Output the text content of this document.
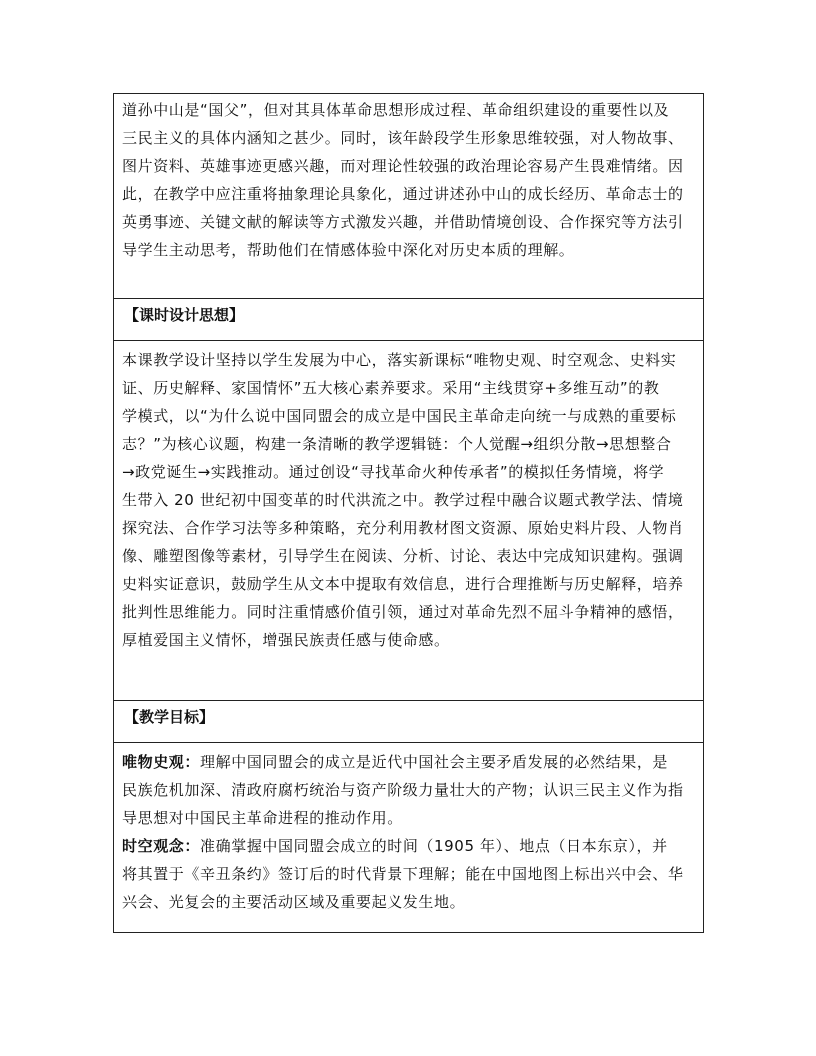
道孙中山是“国父”，但对其具体革命思想形成过程、革命组织建设的重要性以及

三民主义的具体内涵知之甚少。同时，该年龄段学生形象思维较强，对人物故事、

图片资料、英雄事迹更感兴趣，而对理论性较强的政治理论容易产生畏难情绪。因

此，在教学中应注重将抽象理论具象化，通过讲述孙中山的成长经历、革命志士的

英勇事迹、关键文献的解读等方式激发兴趣，并借助情境创设、合作探究等方法引

导学生主动思考，帮助他们在情感体验中深化对历史本质的理解。

【课时设计思想】

本课教学设计坚持以学生发展为中心，落实新课标“唯物史观、时空观念、史料实

证、历史解释、家国情怀”五大核心素养要求。采用“主线贯穿+多维互动”的教

学模式，以“为什么说中国同盟会的成立是中国民主革命走向统一与成熟的重要标

志？”为核心议题，构建一条清晰的教学逻辑链：个人觉醒→组织分散→思想整合

→政党诞生→实践推动。通过创设“寻找革命火种传承者”的模拟任务情境，将学

生带入 20 世纪初中国变革的时代洪流之中。教学过程中融合议题式教学法、情境

探究法、合作学习法等多种策略，充分利用教材图文资源、原始史料片段、人物肖

像、雕塑图像等素材，引导学生在阅读、分析、讨论、表达中完成知识建构。强调

史料实证意识，鼓励学生从文本中提取有效信息，进行合理推断与历史解释，培养

批判性思维能力。同时注重情感价值引领，通过对革命先烈不屈斗争精神的感悟，

厚植爱国主义情怀，增强民族责任感与使命感。

【教学目标】

唯物史观：理解中国同盟会的成立是近代中国社会主要矛盾发展的必然结果，是

民族危机加深、清政府腐朽统治与资产阶级力量壮大的产物；认识三民主义作为指

导思想对中国民主革命进程的推动作用。

时空观念：准确掌握中国同盟会成立的时间（1905 年）、地点（日本东京），并

将其置于《辛丑条约》签订后的时代背景下理解；能在中国地图上标出兴中会、华

兴会、光复会的主要活动区域及重要起义发生地。
